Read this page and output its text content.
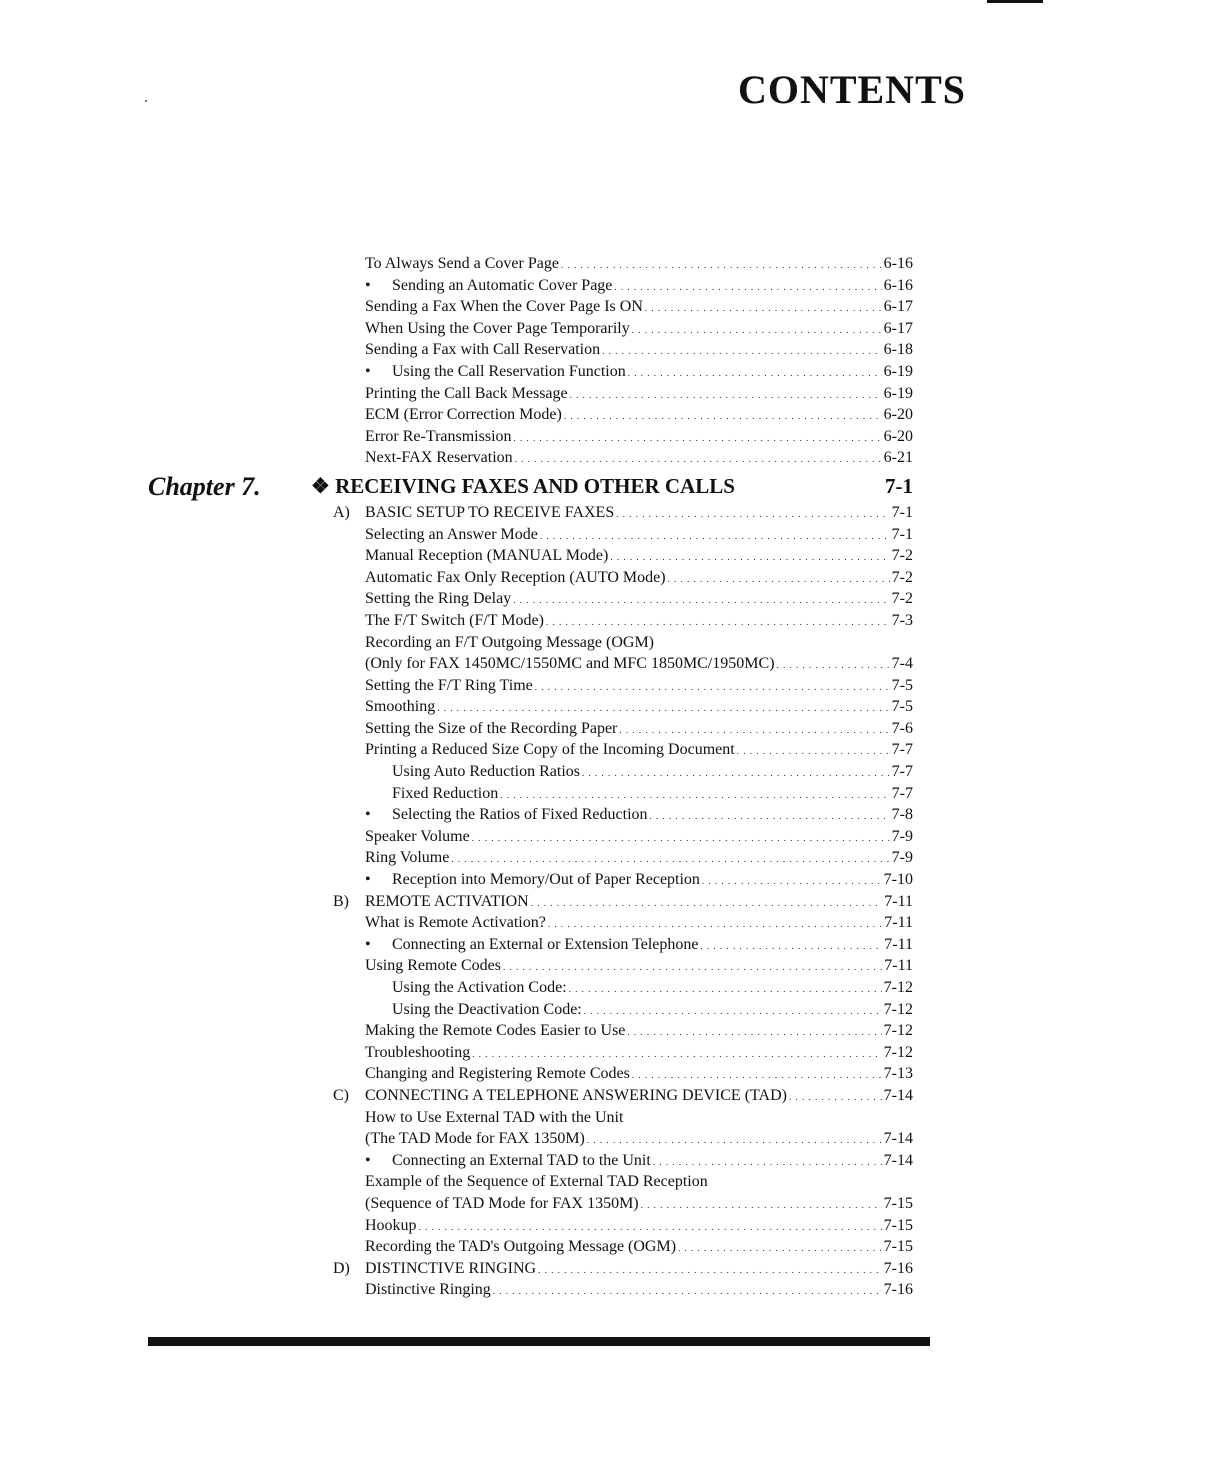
CONTENTS
To Always Send a Cover Page . . .	6-16
• Sending an Automatic Cover Page . . .	6-16
Sending a Fax When the Cover Page Is ON . . .	6-17
When Using the Cover Page Temporarily . . .	6-17
Sending a Fax with Call Reservation . . .	6-18
• Using the Call Reservation Function . . .	6-19
Printing the Call Back Message . . .	6-19
ECM (Error Correction Mode) . . .	6-20
Error Re-Transmission . . .	6-20
Next-FAX Reservation . . .	6-21
Chapter 7. ❖ RECEIVING FAXES AND OTHER CALLS	7-1
A) BASIC SETUP TO RECEIVE FAXES . . .	7-1
Selecting an Answer Mode . . .	7-1
Manual Reception (MANUAL Mode) . . .	7-2
Automatic Fax Only Reception (AUTO Mode) . . .	7-2
Setting the Ring Delay . . .	7-2
The F/T Switch (F/T Mode) . . .	7-3
Recording an F/T Outgoing Message (OGM)
(Only for FAX 1450MC/1550MC and MFC 1850MC/1950MC) . . .	7-4
Setting the F/T Ring Time . . .	7-5
Smoothing . . .	7-5
Setting the Size of the Recording Paper . . .	7-6
Printing a Reduced Size Copy of the Incoming Document . . .	7-7
Using Auto Reduction Ratios . . .	7-7
Fixed Reduction . . .	7-7
• Selecting the Ratios of Fixed Reduction . . .	7-8
Speaker Volume . . .	7-9
Ring Volume . . .	7-9
• Reception into Memory/Out of Paper Reception . . .	7-10
B)	REMOTE ACTIVATION . . .	7-11
What is Remote Activation? . . .	7-11
• Connecting an External or Extension Telephone . . .	7-11
Using Remote Codes . . .	7-11
Using the Activation Code: . . .	7-12
Using the Deactivation Code: . . .	7-12
Making the Remote Codes Easier to Use . . .	7-12
Troubleshooting . . .	7-12
Changing and Registering Remote Codes . . .	7-13
C)	CONNECTING A TELEPHONE ANSWERING DEVICE (TAD) . . .	7-14
How to Use External TAD with the Unit
(The TAD Mode for FAX 1350M) . . .	7-14
• Connecting an External TAD to the Unit . . .	7-14
Example of the Sequence of External TAD Reception
(Sequence of TAD Mode for FAX 1350M) . . .	7-15
Hookup . . .	7-15
Recording the TAD's Outgoing Message (OGM) . . .	7-15
D) DISTINCTIVE RINGING . . .	7-16
Distinctive Ringing . . .	7-16
